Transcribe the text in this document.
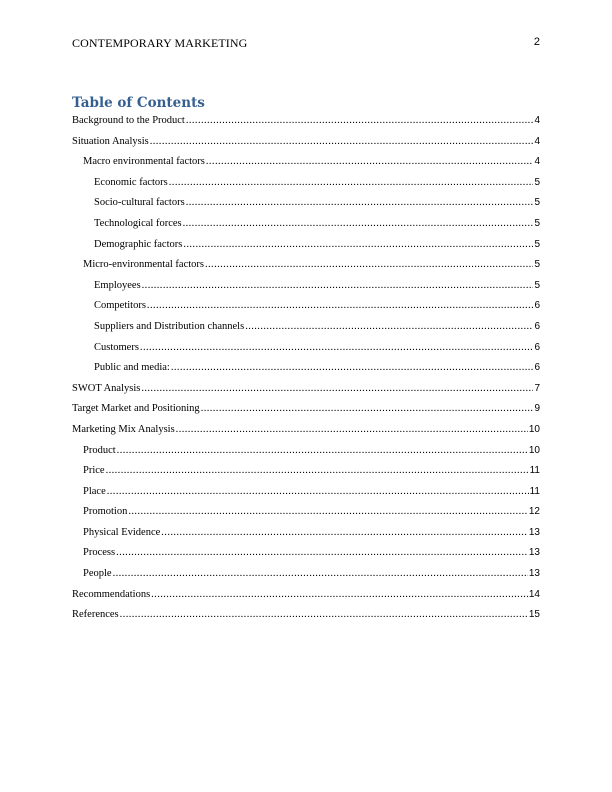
CONTEMPORARY MARKETING	2
Table of Contents
Background to the Product .....	4
Situation Analysis .....	4
Macro environmental factors .....	4
Economic factors .....	5
Socio-cultural factors .....	5
Technological forces .....	5
Demographic factors .....	5
Micro-environmental factors .....	5
Employees .....	5
Competitors .....	6
Suppliers and Distribution channels .....	6
Customers .....	6
Public and media: .....	6
SWOT Analysis .....	7
Target Market and Positioning .....	9
Marketing Mix Analysis .....	10
Product .....	10
Price .....	11
Place .....	11
Promotion .....	12
Physical Evidence .....	13
Process .....	13
People .....	13
Recommendations .....	14
References .....	15
